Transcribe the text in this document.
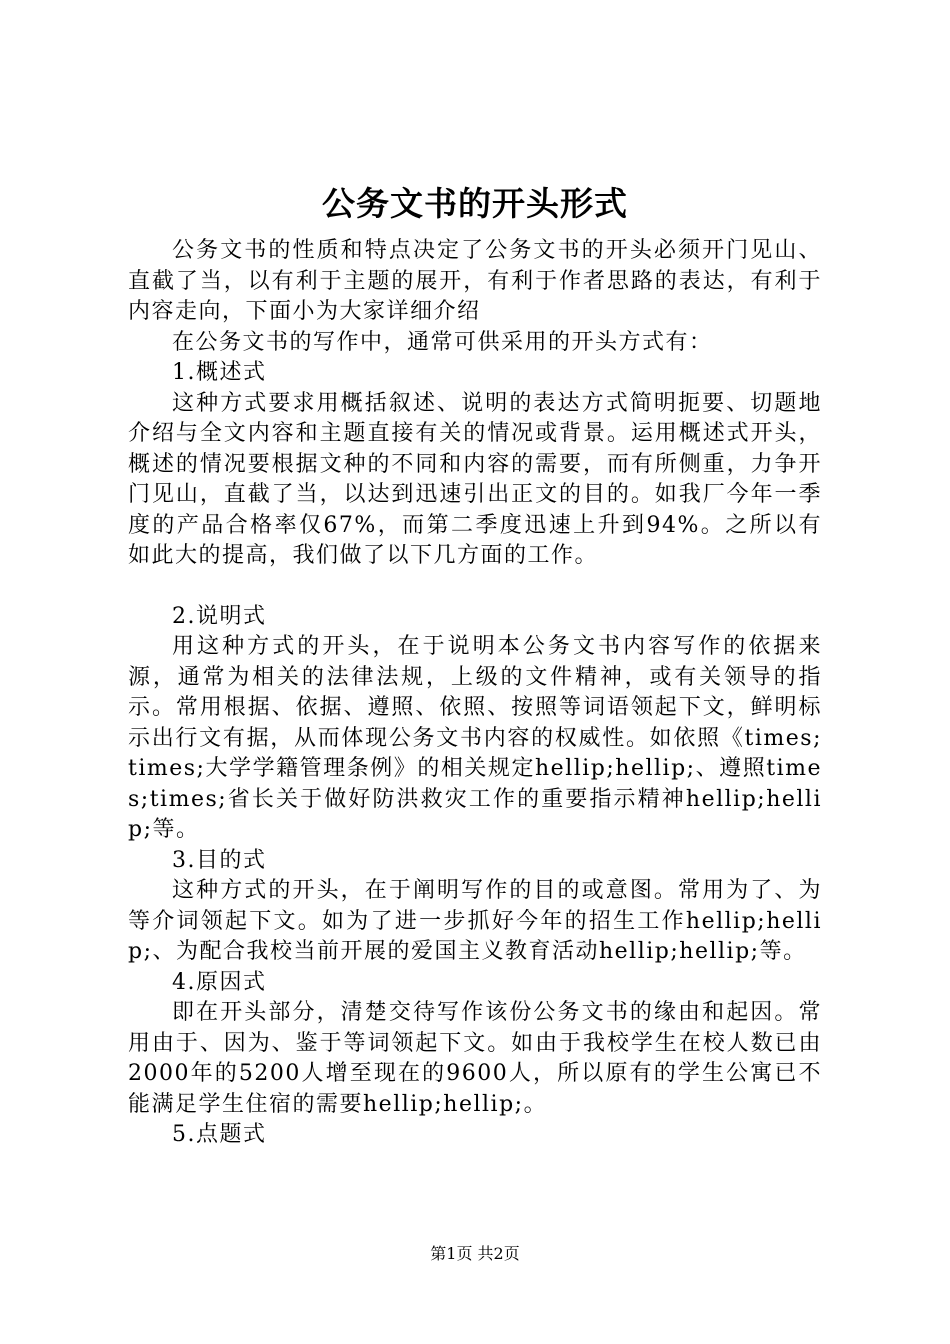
公务文书的开头形式

公务文书的性质和特点决定了公务文书的开头必须开门见山、直截了当，以有利于主题的展开，有利于作者思路的表达，有利于内容走向，下面小为大家详细介绍

在公务文书的写作中，通常可供采用的开头方式有：

1.概述式

这种方式要求用概括叙述、说明的表达方式简明扼要、切题地介绍与全文内容和主题直接有关的情况或背景。运用概述式开头，概述的情况要根据文种的不同和内容的需要，而有所侧重，力争开门见山，直截了当，以达到迅速引出正文的目的。如我厂今年一季度的产品合格率仅67%，而第二季度迅速上升到94%。之所以有如此大的提高，我们做了以下几方面的工作。

2.说明式

用这种方式的开头，在于说明本公务文书内容写作的依据来源，通常为相关的法律法规，上级的文件精神，或有关领导的指示。常用根据、依据、遵照、依照、按照等词语领起下文，鲜明标示出行文有据，从而体现公务文书内容的权威性。如依照《times;times;大学学籍管理条例》的相关规定hellip;hellip;、遵照times;times;省长关于做好防洪救灾工作的重要指示精神hellip;hellip;等。

3.目的式

这种方式的开头，在于阐明写作的目的或意图。常用为了、为等介词领起下文。如为了进一步抓好今年的招生工作hellip;hellip;、为配合我校当前开展的爱国主义教育活动hellip;hellip;等。

4.原因式

即在开头部分，清楚交待写作该份公务文书的缘由和起因。常用由于、因为、鉴于等词领起下文。如由于我校学生在校人数已由2000年的5200人增至现在的9600人，所以原有的学生公寓已不能满足学生住宿的需要hellip;hellip;。

5.点题式

第1页 共2页
